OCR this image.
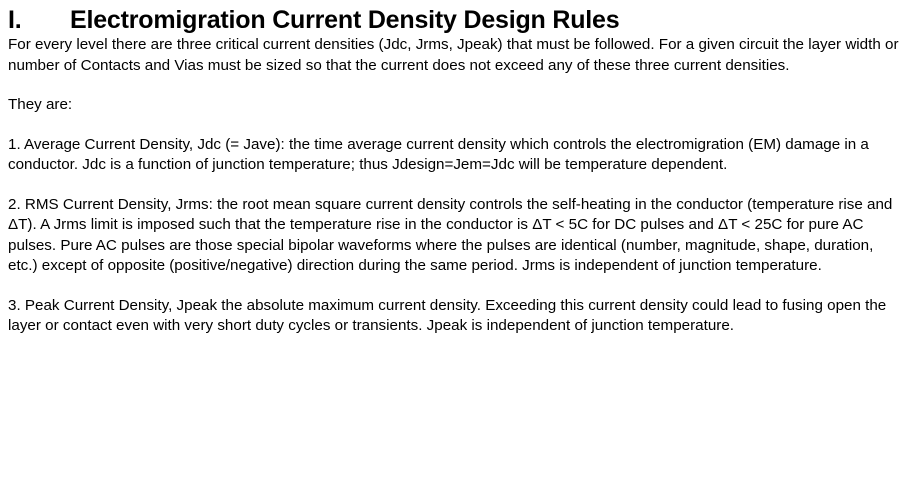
I.	Electromigration Current Density Design Rules

For every level there are three critical current densities (Jdc, Jrms, Jpeak) that must be followed. For a given circuit the layer width or number of Contacts and Vias must be sized so that the current does not exceed any of these three current densities.

They are:

1. Average Current Density, Jdc (= Jave): the time average current density which controls the electromigration (EM) damage in a conductor. Jdc is a function of junction temperature; thus Jdesign=Jem=Jdc will be temperature dependent.

2. RMS Current Density, Jrms: the root mean square current density controls the self-heating in the conductor (temperature rise and ΔT). A Jrms limit is imposed such that the temperature rise in the conductor is ΔT < 5C for DC pulses and ΔT < 25C for pure AC pulses. Pure AC pulses are those special bipolar waveforms where the pulses are identical (number, magnitude, shape, duration, etc.) except of opposite (positive/negative) direction during the same period. Jrms is independent of junction temperature.

3. Peak Current Density, Jpeak the absolute maximum current density. Exceeding this current density could lead to fusing open the layer or contact even with very short duty cycles or transients. Jpeak is independent of junction temperature.
